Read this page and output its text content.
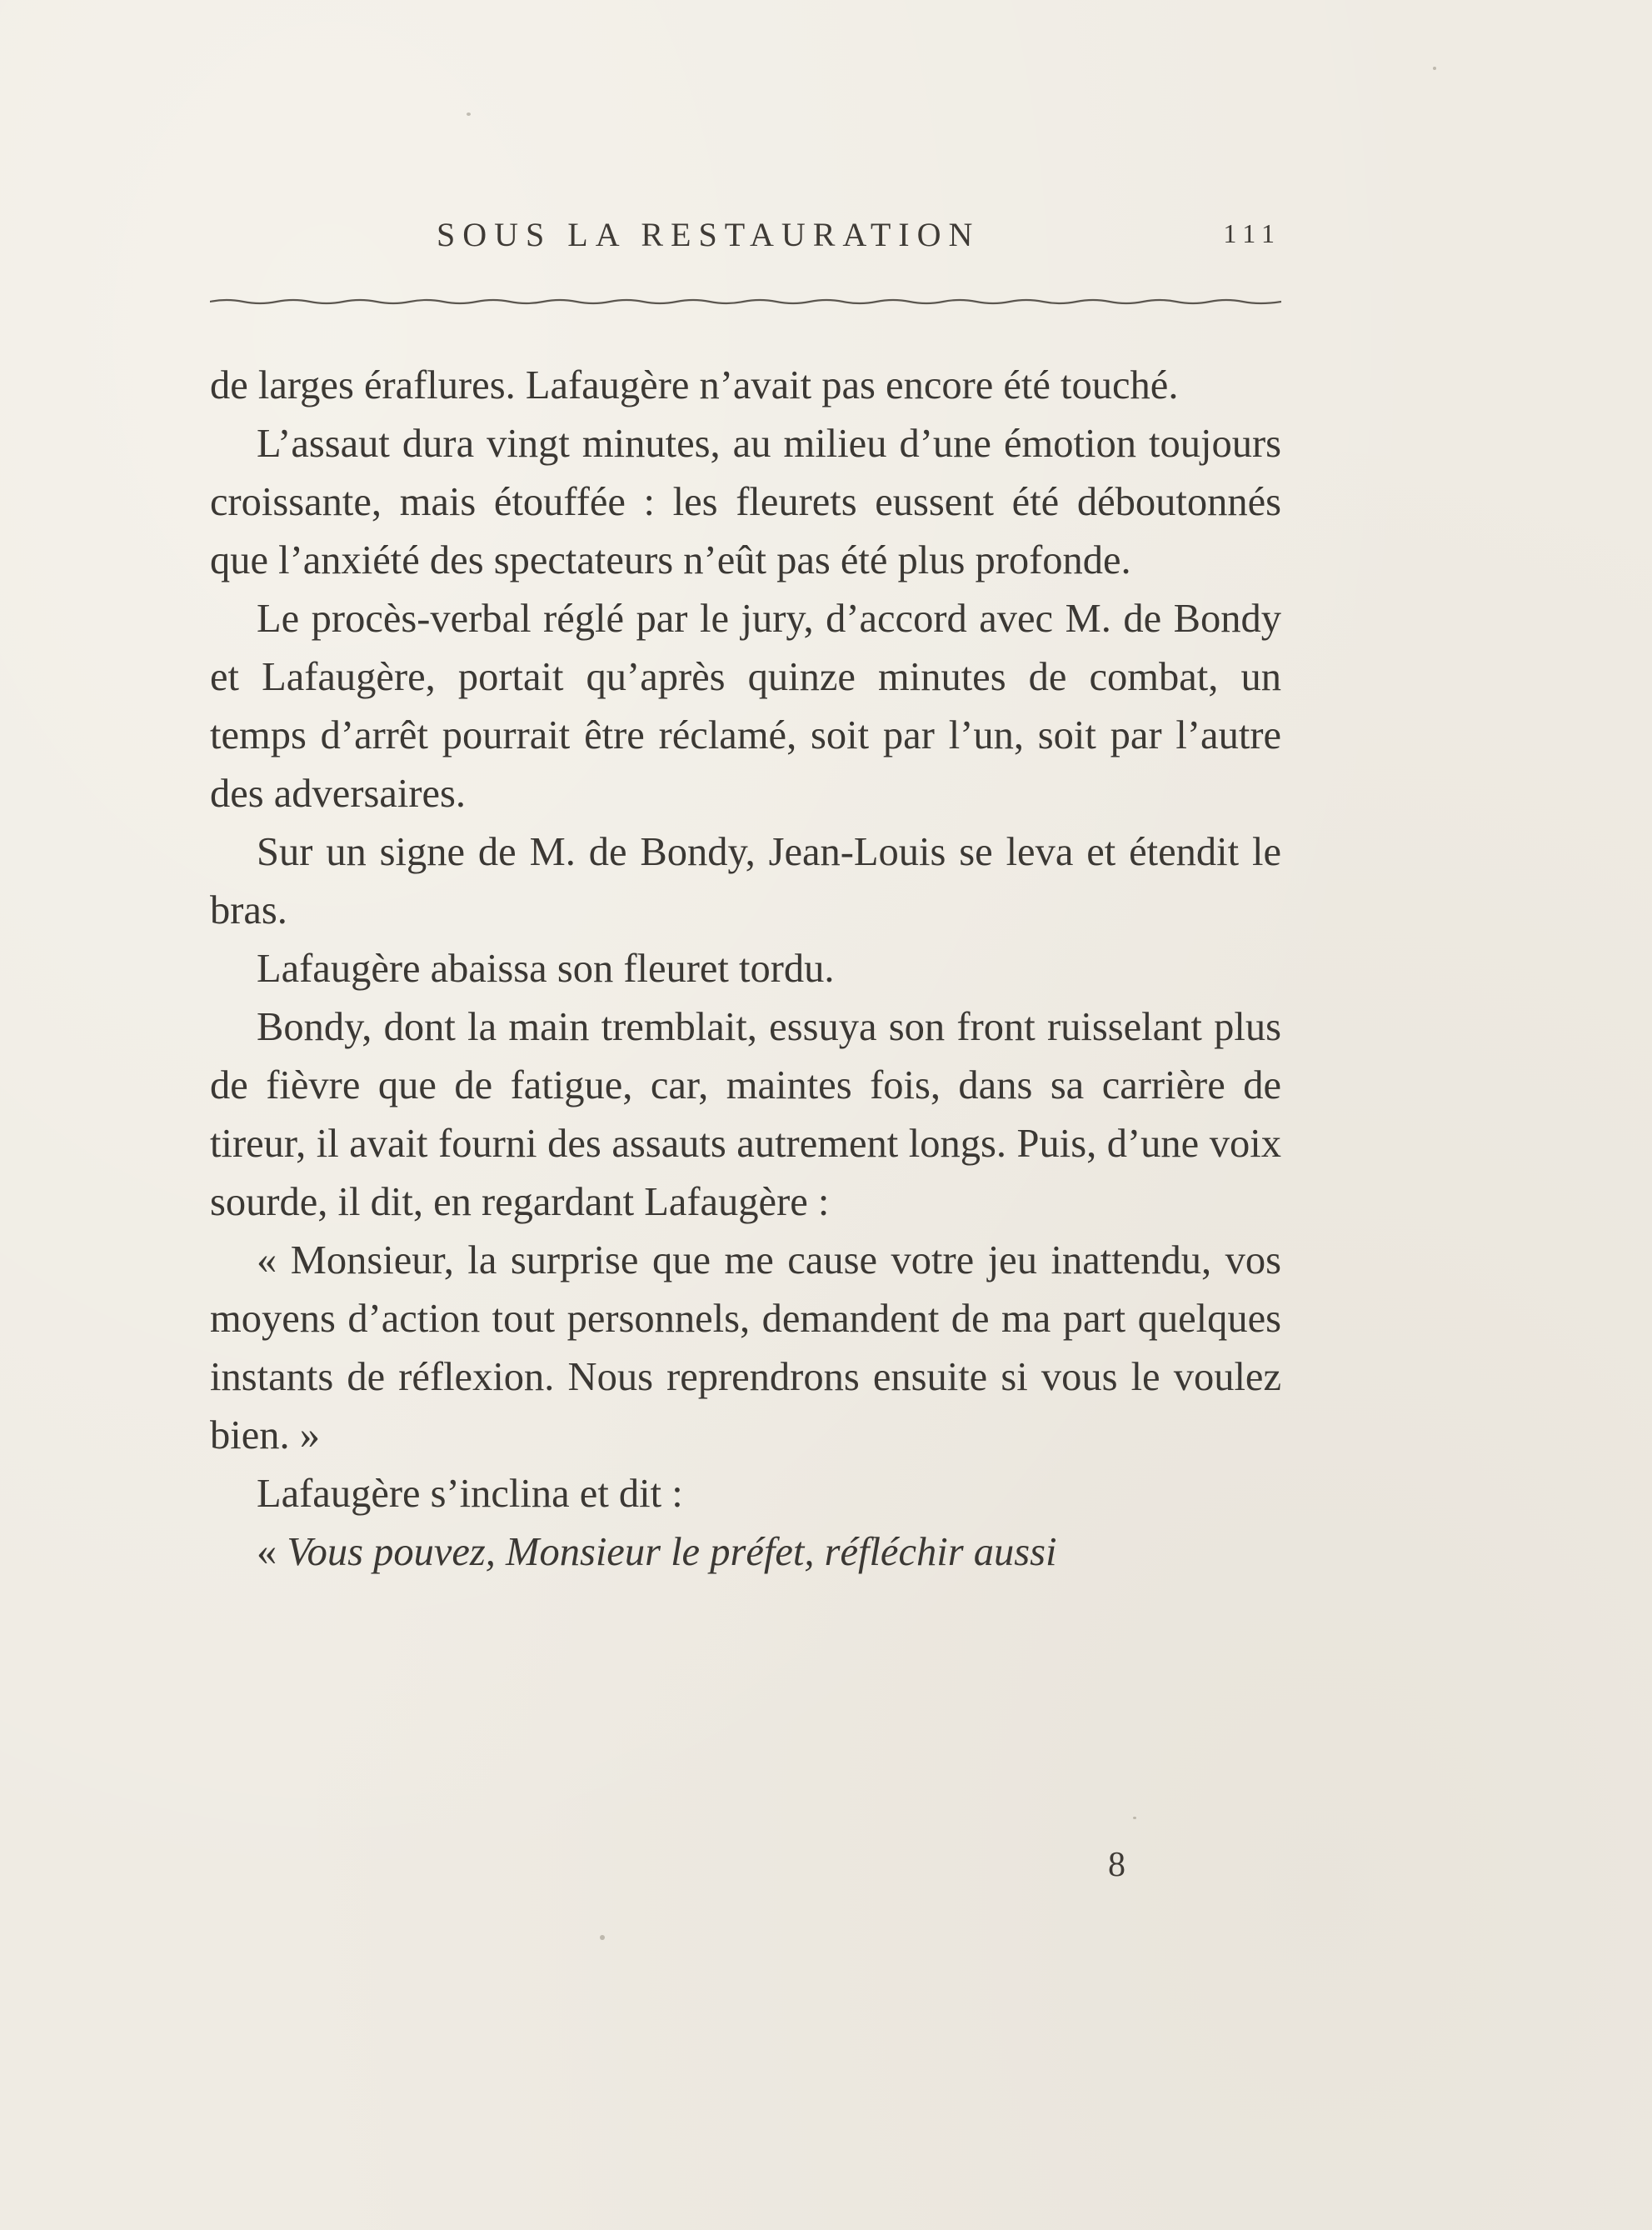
SOUS LA RESTAURATION	111

de larges éraflures. Lafaugère n’avait pas encore été touché.

L’assaut dura vingt minutes, au milieu d’une émotion toujours croissante, mais étouffée : les fleurets eussent été déboutonnés que l’anxiété des spectateurs n’eût pas été plus profonde.

Le procès-verbal réglé par le jury, d’accord avec M. de Bondy et Lafaugère, portait qu’après quinze minutes de combat, un temps d’arrêt pourrait être réclamé, soit par l’un, soit par l’autre des adversaires.

Sur un signe de M. de Bondy, Jean-Louis se leva et étendit le bras.

Lafaugère abaissa son fleuret tordu.

Bondy, dont la main tremblait, essuya son front ruisselant plus de fièvre que de fatigue, car, maintes fois, dans sa carrière de tireur, il avait fourni des assauts autrement longs. Puis, d’une voix sourde, il dit, en regardant Lafaugère :

« Monsieur, la surprise que me cause votre jeu inattendu, vos moyens d’action tout personnels, demandent de ma part quelques instants de réflexion. Nous reprendrons ensuite si vous le voulez bien. »

Lafaugère s’inclina et dit :

« Vous pouvez, Monsieur le préfet, réfléchir aussi

8
